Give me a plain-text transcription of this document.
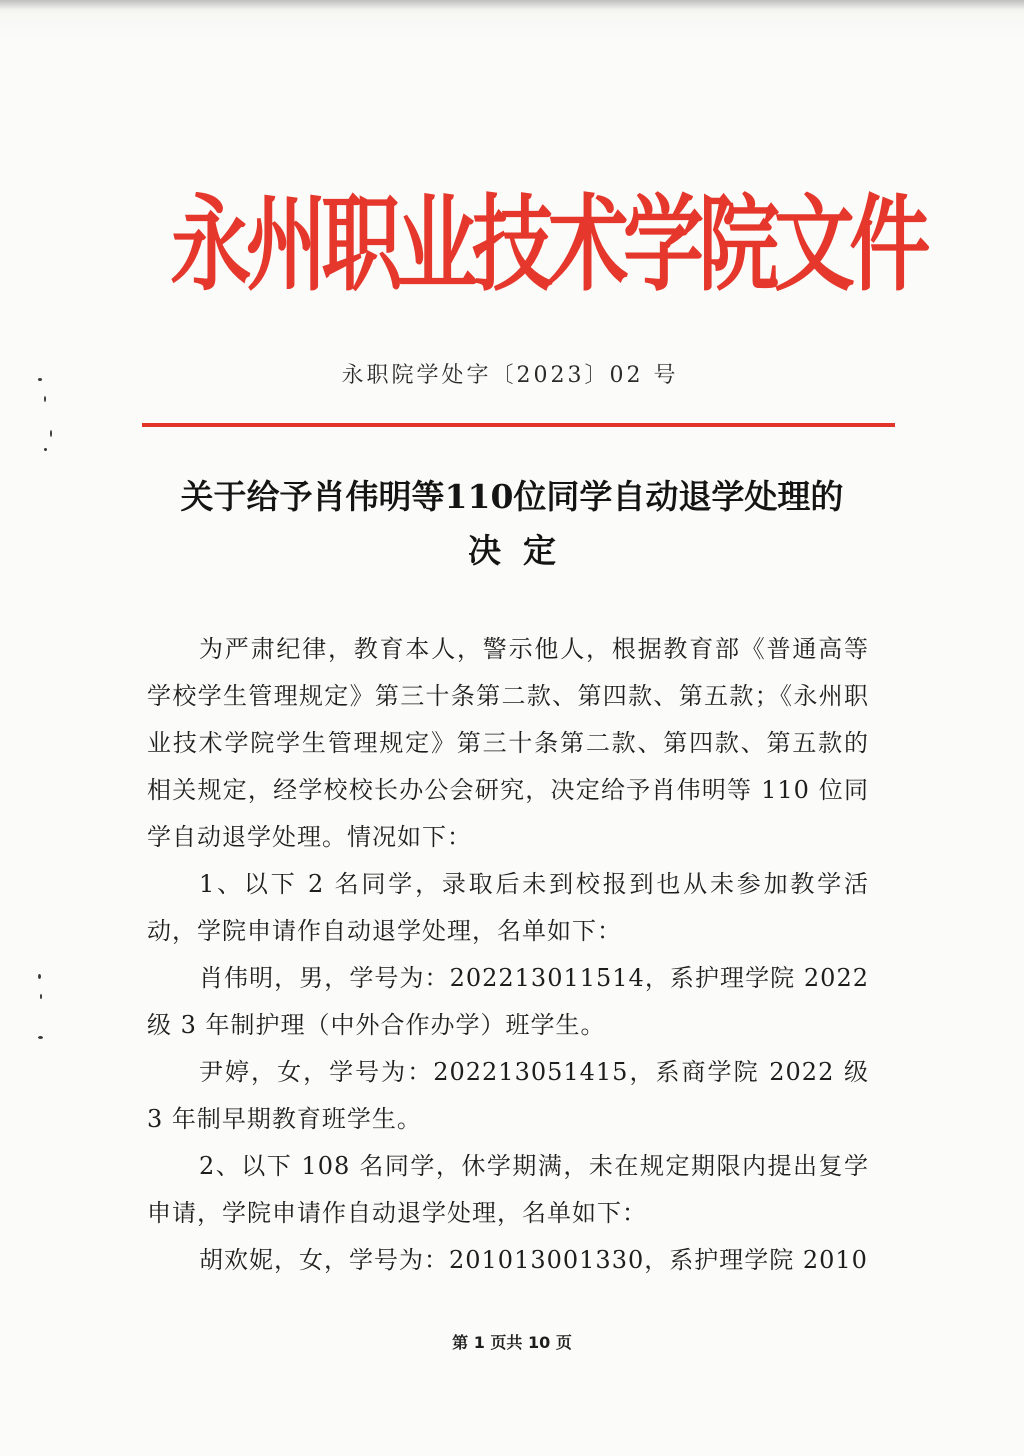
永州职业技术学院文件
永职院学处字〔2023〕02 号
关于给予肖伟明等110位同学自动退学处理的
决定

为严肃纪律，教育本人，警示他人，根据教育部《普通高等学校学生管理规定》第三十条第二款、第四款、第五款；《永州职业技术学院学生管理规定》第三十条第二款、第四款、第五款的相关规定，经学校校长办公会研究，决定给予肖伟明等 110 位同学自动退学处理。情况如下：

1、以下 2 名同学，录取后未到校报到也从未参加教学活动，学院申请作自动退学处理，名单如下：

肖伟明，男，学号为：202213011514，系护理学院 2022 级 3 年制护理（中外合作办学）班学生。

尹婷，女，学号为：202213051415，系商学院 2022 级 3 年制早期教育班学生。

2、以下 108 名同学，休学期满，未在规定期限内提出复学申请，学院申请作自动退学处理，名单如下：

胡欢妮，女，学号为：201013001330，系护理学院 2010

第 1 页共 10 页
